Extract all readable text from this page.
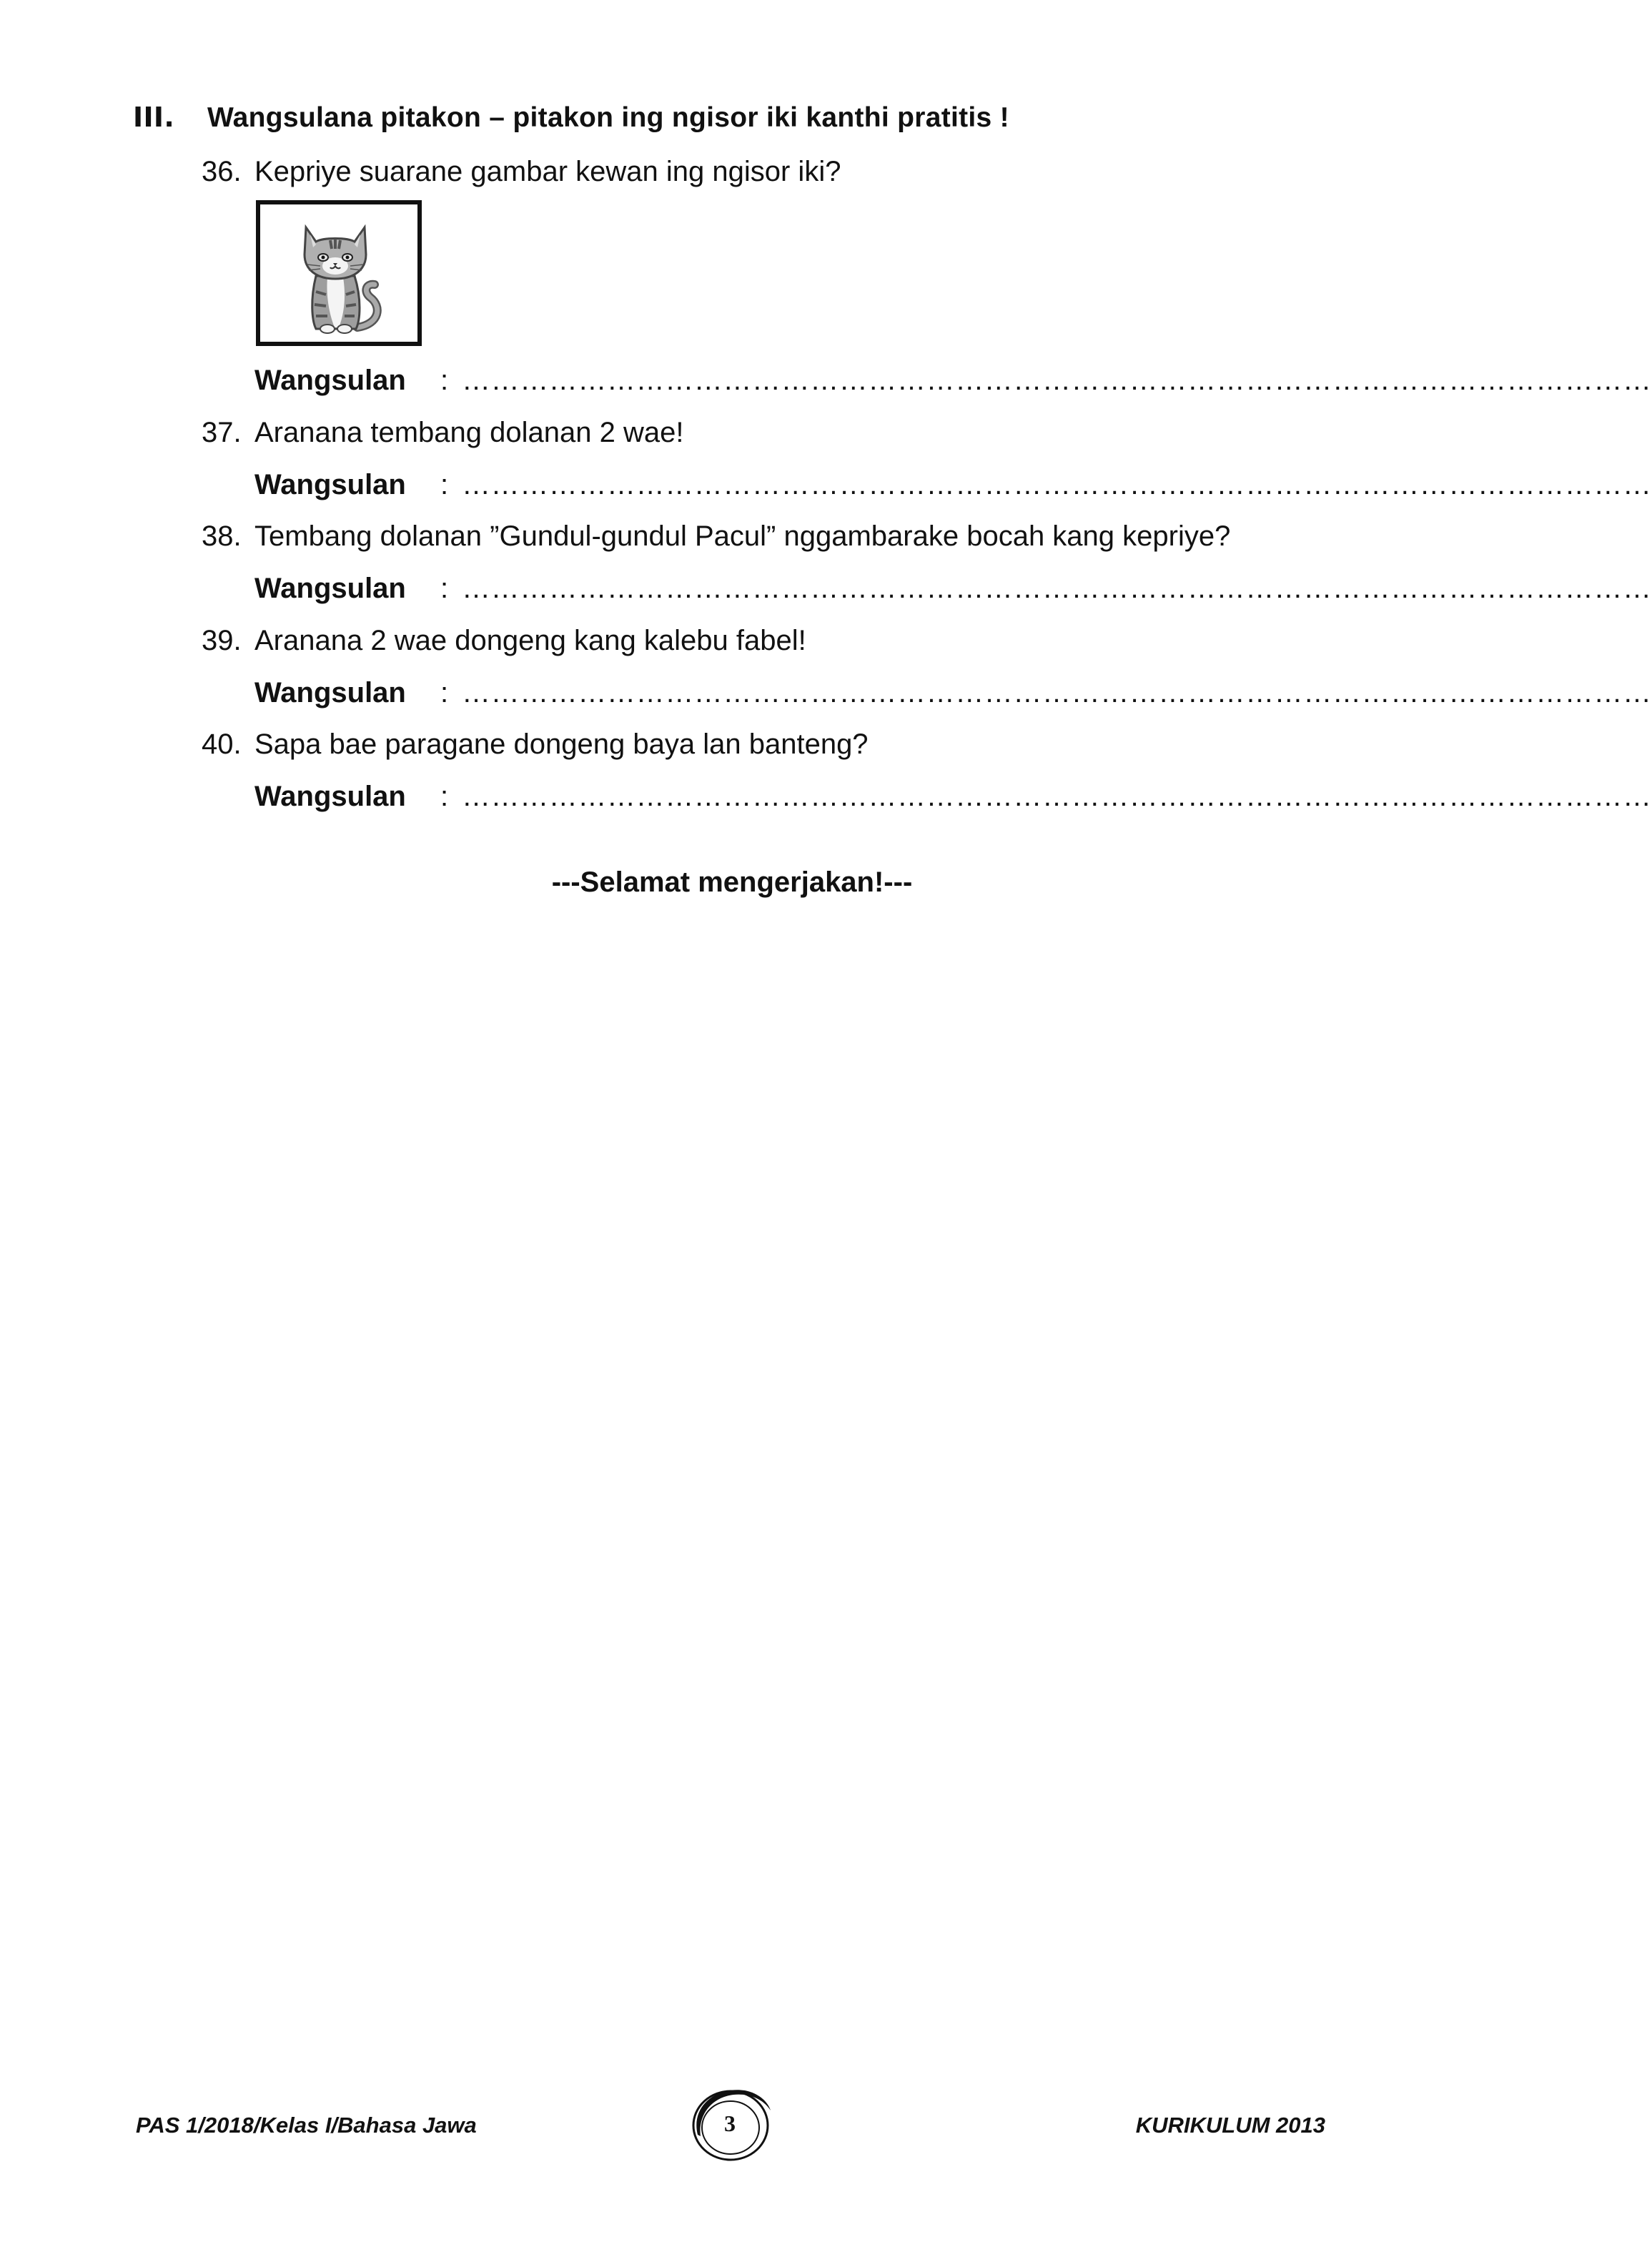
III. Wangsulana pitakon – pitakon ing ngisor iki kanthi pratitis !
36. Kepriye suarane gambar kewan ing ngisor iki?
Wangsulan : ……………………………………………………………………………………………………………
37. Aranana tembang dolanan 2 wae!
Wangsulan : ……………………………………………………………………………………………………………
38. Tembang dolanan ”Gundul-gundul Pacul” nggambarake bocah kang kepriye?
Wangsulan : ……………………………………………………………………………………………………………
39. Aranana 2 wae dongeng kang kalebu fabel!
Wangsulan : ……………………………………………………………………………………………………………
40. Sapa bae paragane dongeng baya lan banteng?
Wangsulan : ……………………………………………………………………………………………………………
---Selamat mengerjakan!---
PAS 1/2018/Kelas I/Bahasa Jawa	3	KURIKULUM 2013
